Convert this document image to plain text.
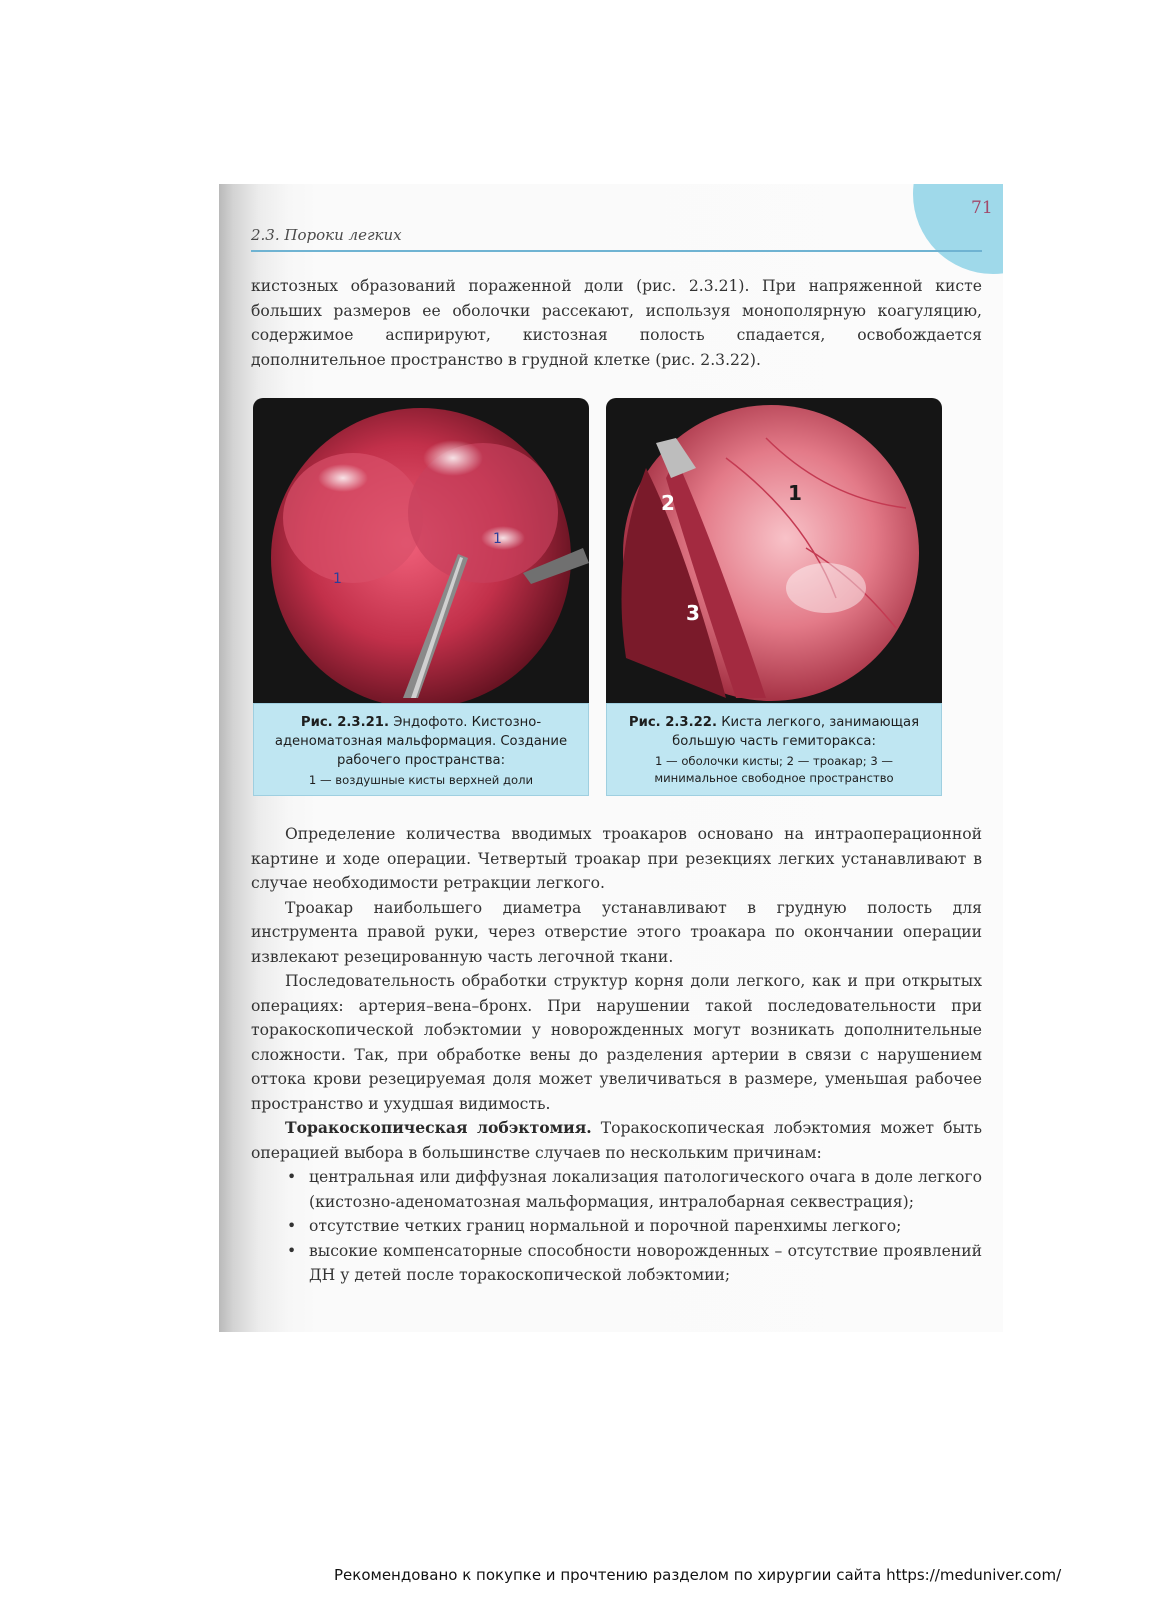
71
2.3. Пороки легких

кистозных образований пораженной доли (рис. 2.3.21). При напряженной кисте больших размеров ее оболочки рассекают, используя монополярную коагуляцию, содержимое аспирируют, кистозная полость спадается, освобождается дополнительное пространство в грудной клетке (рис. 2.3.22).

1
1
Рис. 2.3.21. Эндофото. Кистозно-аденоматозная мальформация. Создание рабочего пространства:
1 — воздушные кисты верхней доли
1
2
3
Рис. 2.3.22. Киста легкого, занимающая большую часть гемиторакса:
1 — оболочки кисты; 2 — троакар; 3 — минимальное свободное пространство

Определение количества вводимых троакаров основано на интраоперационной картине и ходе операции. Четвертый троакар при резекциях легких устанавливают в случае необходимости ретракции легкого.

Троакар наибольшего диаметра устанавливают в грудную полость для инструмента правой руки, через отверстие этого троакара по окончании операции извлекают резецированную часть легочной ткани.

Последовательность обработки структур корня доли легкого, как и при открытых операциях: артерия–вена–бронх. При нарушении такой последовательности при торакоскопической лобэктомии у новорожденных могут возникать дополнительные сложности. Так, при обработке вены до разделения артерии в связи с нарушением оттока крови резецируемая доля может увеличиваться в размере, уменьшая рабочее пространство и ухудшая видимость.

Торакоскопическая лобэктомия. Торакоскопическая лобэктомия может быть операцией выбора в большинстве случаев по нескольким причинам:

• центральная или диффузная локализация патологического очага в доле легкого (кистозно-аденоматозная мальформация, интралобарная секвестрация);
• отсутствие четких границ нормальной и порочной паренхимы легкого;
• высокие компенсаторные способности новорожденных – отсутствие проявлений ДН у детей после торакоскопической лобэктомии;
Рекомендовано к покупке и прочтению разделом по хирургии сайта https://meduniver.com/
